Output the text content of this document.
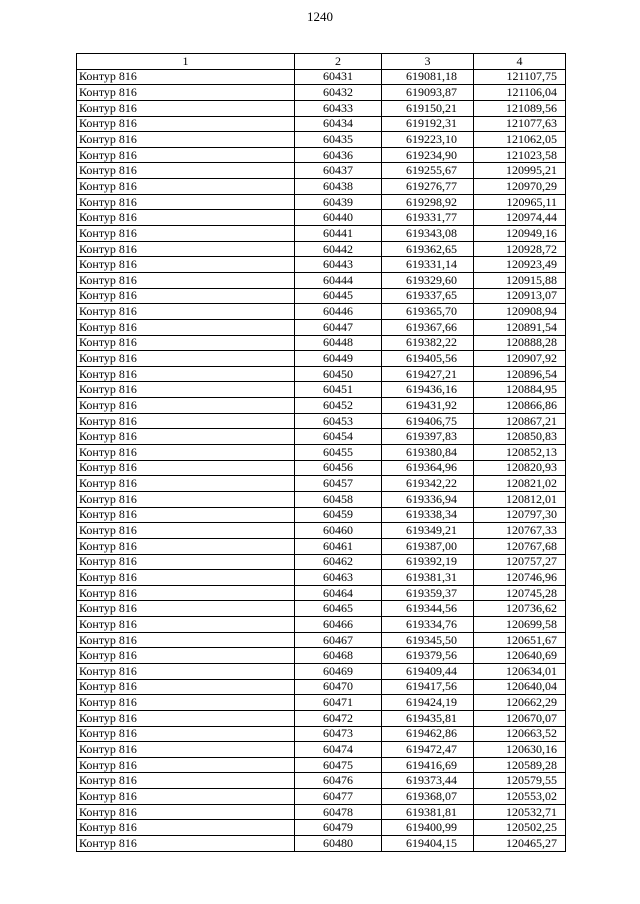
1240
1	2	3	4
Контур 816	60431	619081,18	121107,75
Контур 816	60432	619093,87	121106,04
Контур 816	60433	619150,21	121089,56
Контур 816	60434	619192,31	121077,63
Контур 816	60435	619223,10	121062,05
Контур 816	60436	619234,90	121023,58
Контур 816	60437	619255,67	120995,21
Контур 816	60438	619276,77	120970,29
Контур 816	60439	619298,92	120965,11
Контур 816	60440	619331,77	120974,44
Контур 816	60441	619343,08	120949,16
Контур 816	60442	619362,65	120928,72
Контур 816	60443	619331,14	120923,49
Контур 816	60444	619329,60	120915,88
Контур 816	60445	619337,65	120913,07
Контур 816	60446	619365,70	120908,94
Контур 816	60447	619367,66	120891,54
Контур 816	60448	619382,22	120888,28
Контур 816	60449	619405,56	120907,92
Контур 816	60450	619427,21	120896,54
Контур 816	60451	619436,16	120884,95
Контур 816	60452	619431,92	120866,86
Контур 816	60453	619406,75	120867,21
Контур 816	60454	619397,83	120850,83
Контур 816	60455	619380,84	120852,13
Контур 816	60456	619364,96	120820,93
Контур 816	60457	619342,22	120821,02
Контур 816	60458	619336,94	120812,01
Контур 816	60459	619338,34	120797,30
Контур 816	60460	619349,21	120767,33
Контур 816	60461	619387,00	120767,68
Контур 816	60462	619392,19	120757,27
Контур 816	60463	619381,31	120746,96
Контур 816	60464	619359,37	120745,28
Контур 816	60465	619344,56	120736,62
Контур 816	60466	619334,76	120699,58
Контур 816	60467	619345,50	120651,67
Контур 816	60468	619379,56	120640,69
Контур 816	60469	619409,44	120634,01
Контур 816	60470	619417,56	120640,04
Контур 816	60471	619424,19	120662,29
Контур 816	60472	619435,81	120670,07
Контур 816	60473	619462,86	120663,52
Контур 816	60474	619472,47	120630,16
Контур 816	60475	619416,69	120589,28
Контур 816	60476	619373,44	120579,55
Контур 816	60477	619368,07	120553,02
Контур 816	60478	619381,81	120532,71
Контур 816	60479	619400,99	120502,25
Контур 816	60480	619404,15	120465,27
